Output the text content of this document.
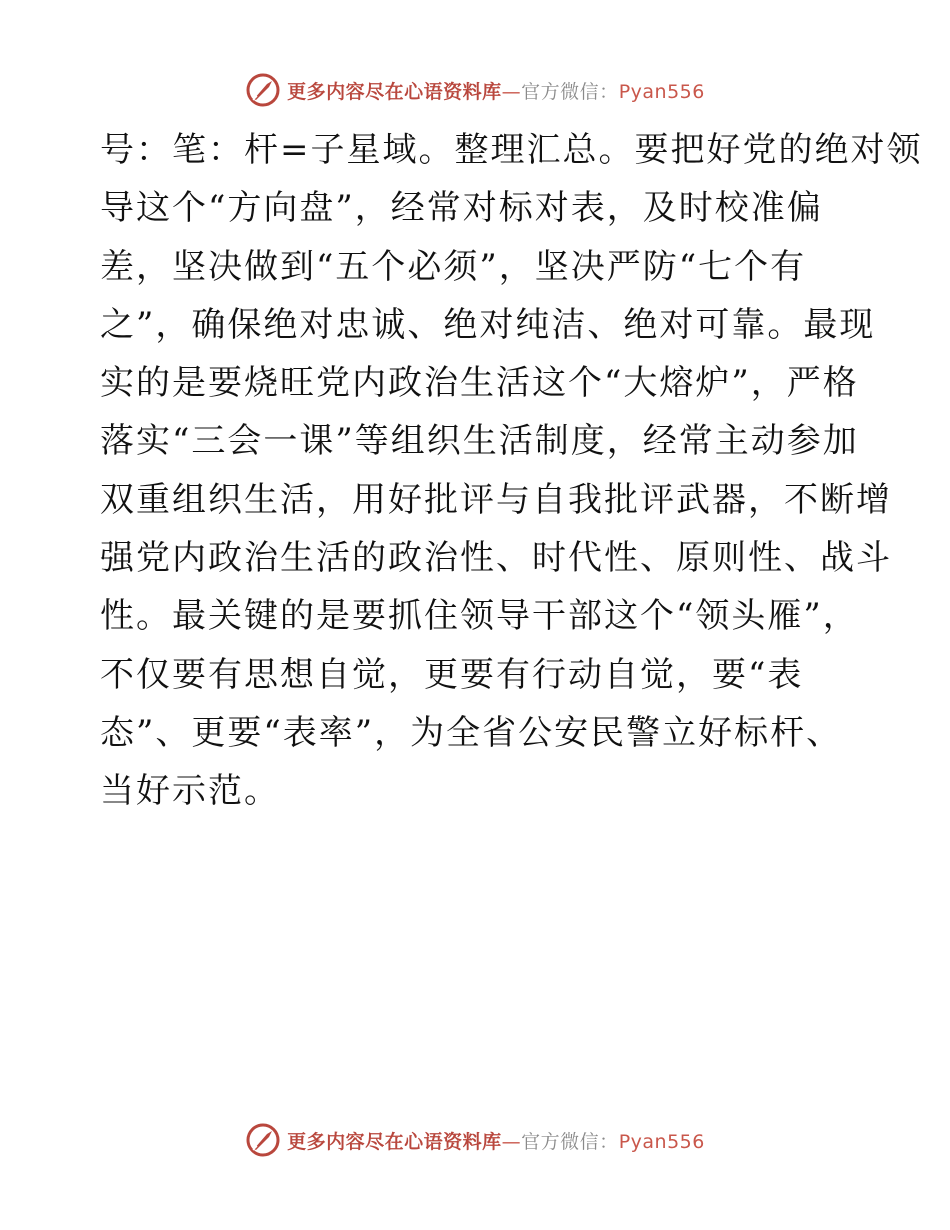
更多内容尽在心语资料库—官方微信：Pyan556
号：笔：杆=子星域。整理汇总。要把好党的绝对领
导这个“方向盘”，经常对标对表，及时校准偏
差，坚决做到“五个必须”，坚决严防“七个有
之”，确保绝对忠诚、绝对纯洁、绝对可靠。最现
实的是要烧旺党内政治生活这个“大熔炉”，严格
落实“三会一课”等组织生活制度，经常主动参加
双重组织生活，用好批评与自我批评武器，不断增
强党内政治生活的政治性、时代性、原则性、战斗
性。最关键的是要抓住领导干部这个“领头雁”，
不仅要有思想自觉，更要有行动自觉，要“表
态”、更要“表率”，为全省公安民警立好标杆、
当好示范。
更多内容尽在心语资料库—官方微信：Pyan556
